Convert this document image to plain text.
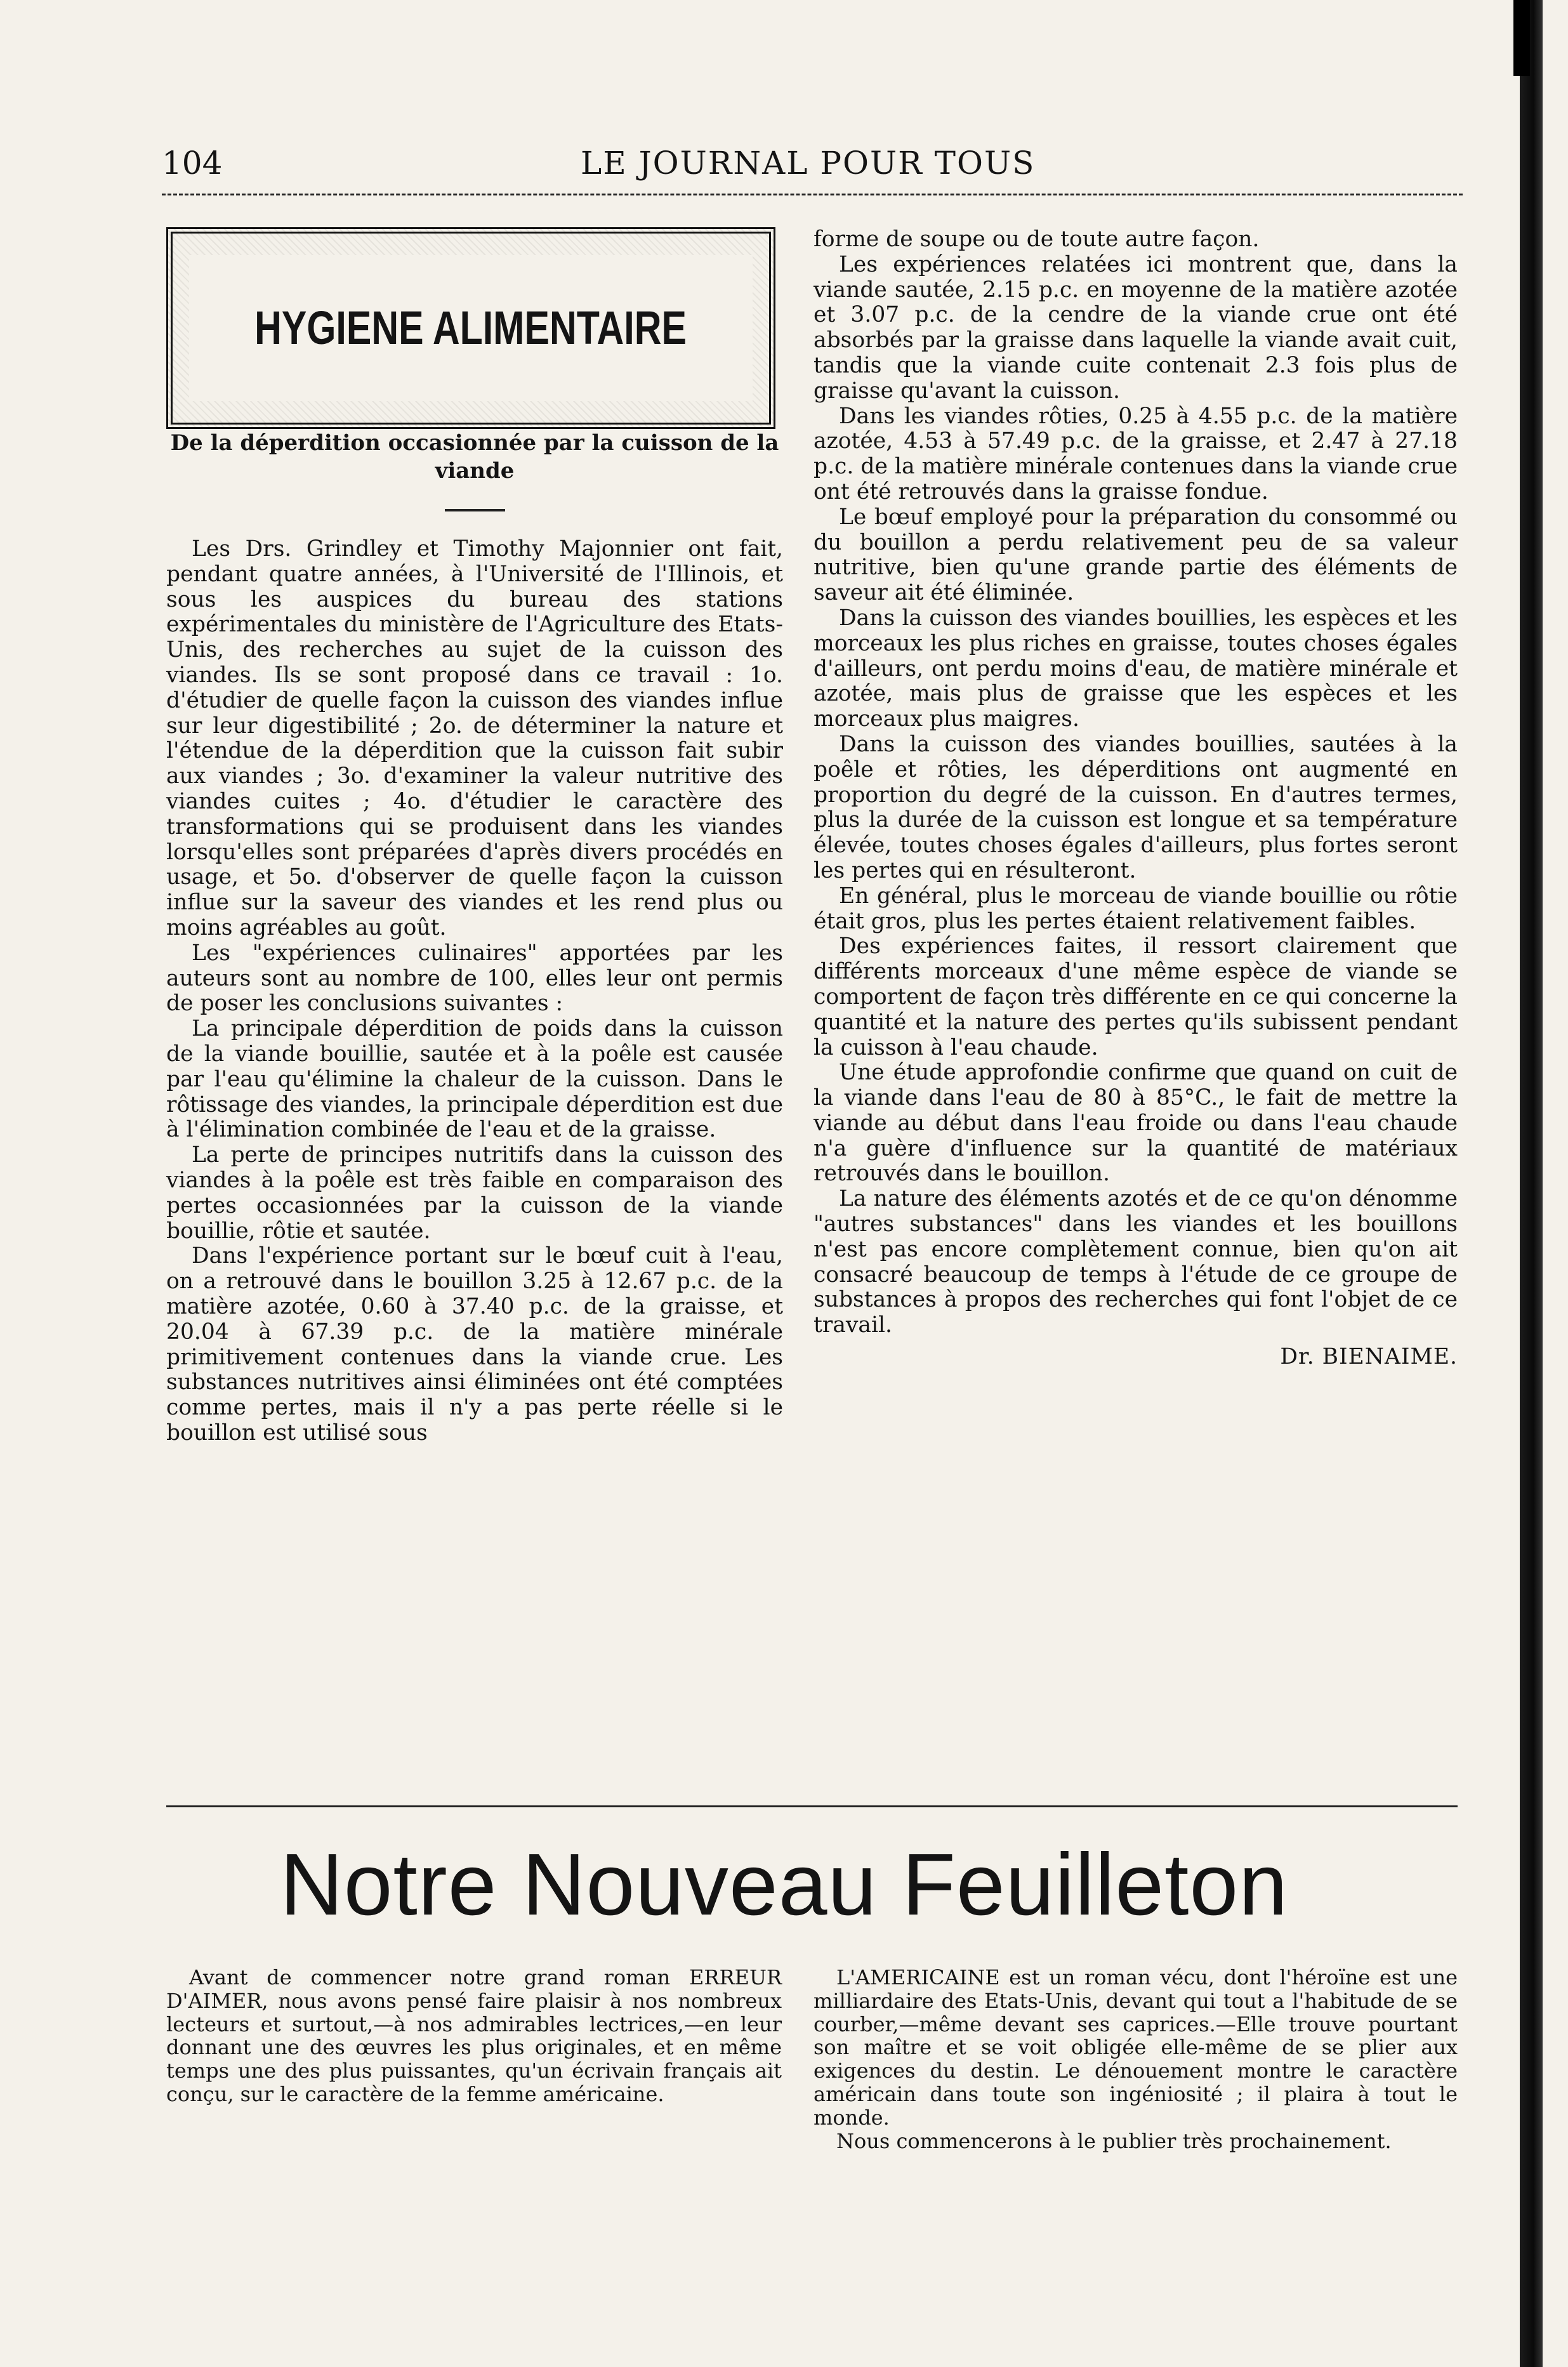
104	LE JOURNAL POUR TOUS
HYGIENE ALIMENTAIRE

De la déperdition occasionnée par la cuisson de la viande

Les Drs. Grindley et Timothy Majonnier ont fait, pendant quatre années, à l'Université de l'Illinois, et sous les auspices du bureau des stations expérimentales du ministère de l'Agriculture des Etats-Unis, des recherches au sujet de la cuisson des viandes. Ils se sont proposé dans ce travail : 1o. d'étudier de quelle façon la cuisson des viandes influe sur leur digestibilité ; 2o. de déterminer la nature et l'étendue de la déperdition que la cuisson fait subir aux viandes ; 3o. d'examiner la valeur nutritive des viandes cuites ; 4o. d'étudier le caractère des transformations qui se produisent dans les viandes lorsqu'elles sont préparées d'après divers procédés en usage, et 5o. d'observer de quelle façon la cuisson influe sur la saveur des viandes et les rend plus ou moins agréables au goût.

Les "expériences culinaires" apportées par les auteurs sont au nombre de 100, elles leur ont permis de poser les conclusions suivantes :

La principale déperdition de poids dans la cuisson de la viande bouillie, sautée et à la poêle est causée par l'eau qu'élimine la chaleur de la cuisson. Dans le rôtissage des viandes, la principale déperdition est due à l'élimination combinée de l'eau et de la graisse.

La perte de principes nutritifs dans la cuisson des viandes à la poêle est très faible en comparaison des pertes occasionnées par la cuisson de la viande bouillie, rôtie et sautée.

Dans l'expérience portant sur le bœuf cuit à l'eau, on a retrouvé dans le bouillon 3.25 à 12.67 p.c. de la matière azotée, 0.60 à 37.40 p.c. de la graisse, et 20.04 à 67.39 p.c. de la matière minérale primitivement contenues dans la viande crue. Les substances nutritives ainsi éliminées ont été comptées comme pertes, mais il n'y a pas perte réelle si le bouillon est utilisé sous

forme de soupe ou de toute autre façon.

Les expériences relatées ici montrent que, dans la viande sautée, 2.15 p.c. en moyenne de la matière azotée et 3.07 p.c. de la cendre de la viande crue ont été absorbés par la graisse dans laquelle la viande avait cuit, tandis que la viande cuite contenait 2.3 fois plus de graisse qu'avant la cuisson.

Dans les viandes rôties, 0.25 à 4.55 p.c. de la matière azotée, 4.53 à 57.49 p.c. de la graisse, et 2.47 à 27.18 p.c. de la matière minérale contenues dans la viande crue ont été retrouvés dans la graisse fondue.

Le bœuf employé pour la préparation du consommé ou du bouillon a perdu relativement peu de sa valeur nutritive, bien qu'une grande partie des éléments de saveur ait été éliminée.

Dans la cuisson des viandes bouillies, les espèces et les morceaux les plus riches en graisse, toutes choses égales d'ailleurs, ont perdu moins d'eau, de matière minérale et azotée, mais plus de graisse que les espèces et les morceaux plus maigres.

Dans la cuisson des viandes bouillies, sautées à la poêle et rôties, les déperditions ont augmenté en proportion du degré de la cuisson. En d'autres termes, plus la durée de la cuisson est longue et sa température élevée, toutes choses égales d'ailleurs, plus fortes seront les pertes qui en résulteront.

En général, plus le morceau de viande bouillie ou rôtie était gros, plus les pertes étaient relativement faibles.

Des expériences faites, il ressort clairement que différents morceaux d'une même espèce de viande se comportent de façon très différente en ce qui concerne la quantité et la nature des pertes qu'ils subissent pendant la cuisson à l'eau chaude.

Une étude approfondie confirme que quand on cuit de la viande dans l'eau de 80 à 85°C., le fait de mettre la viande au début dans l'eau froide ou dans l'eau chaude n'a guère d'influence sur la quantité de matériaux retrouvés dans le bouillon.

La nature des éléments azotés et de ce qu'on dénomme "autres substances" dans les viandes et les bouillons n'est pas encore complètement connue, bien qu'on ait consacré beaucoup de temps à l'étude de ce groupe de substances à propos des recherches qui font l'objet de ce travail.

Dr. BIENAIME.

Notre Nouveau Feuilleton

Avant de commencer notre grand roman ERREUR D'AIMER, nous avons pensé faire plaisir à nos nombreux lecteurs et surtout,—à nos admirables lectrices,—en leur donnant une des œuvres les plus originales, et en même temps une des plus puissantes, qu'un écrivain français ait conçu, sur le caractère de la femme américaine.

L'AMERICAINE est un roman vécu, dont l'héroïne est une milliardaire des Etats-Unis, devant qui tout a l'habitude de se courber,—même devant ses caprices.—Elle trouve pourtant son maître et se voit obligée elle-même de se plier aux exigences du destin. Le dénouement montre le caractère américain dans toute son ingéniosité ; il plaira à tout le monde.

Nous commencerons à le publier très prochainement.
